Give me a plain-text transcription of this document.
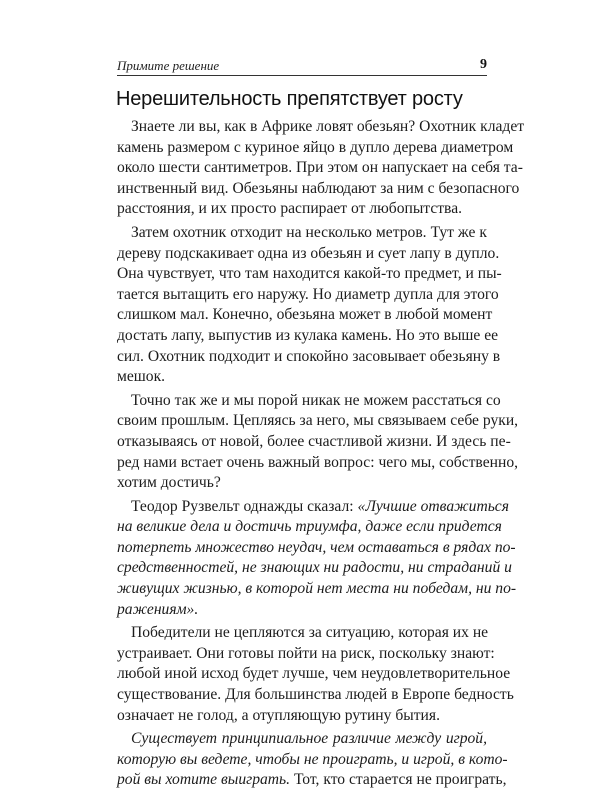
Примите решение	9
Нерешительность препятствует росту

Знаете ли вы, как в Африке ловят обезьян? Охотник кладет
камень размером с куриное яйцо в дупло дерева диаметром
около шести сантиметров. При этом он напускает на себя та-
инственный вид. Обезьяны наблюдают за ним с безопасного
расстояния, и их просто распирает от любопытства.

Затем охотник отходит на несколько метров. Тут же к
дереву подскакивает одна из обезьян и сует лапу в дупло.
Она чувствует, что там находится какой-то предмет, и пы-
тается вытащить его наружу. Но диаметр дупла для этого
слишком мал. Конечно, обезьяна может в любой момент
достать лапу, выпустив из кулака камень. Но это выше ее
сил. Охотник подходит и спокойно засовывает обезьяну в
мешок.

Точно так же и мы порой никак не можем расстаться со
своим прошлым. Цепляясь за него, мы связываем себе руки,
отказываясь от новой, более счастливой жизни. И здесь пе-
ред нами встает очень важный вопрос: чего мы, собственно,
хотим достичь?

Теодор Рузвельт однажды сказал: «Лучшие отважиться
на великие дела и достичь триумфа, даже если придется
потерпеть множество неудач, чем оставаться в рядах по-
средственностей, не знающих ни радости, ни страданий и
живущих жизнью, в которой нет места ни победам, ни по-
ражениям».

Победители не цепляются за ситуацию, которая их не
устраивает. Они готовы пойти на риск, поскольку знают:
любой иной исход будет лучше, чем неудовлетворительное
существование. Для большинства людей в Европе бедность
означает не голод, а отупляющую рутину бытия.

Существует принципиальное различие между игрой,
которую вы ведете, чтобы не проиграть, и игрой, в кото-
рой вы хотите выиграть. Тот, кто старается не проиграть,
